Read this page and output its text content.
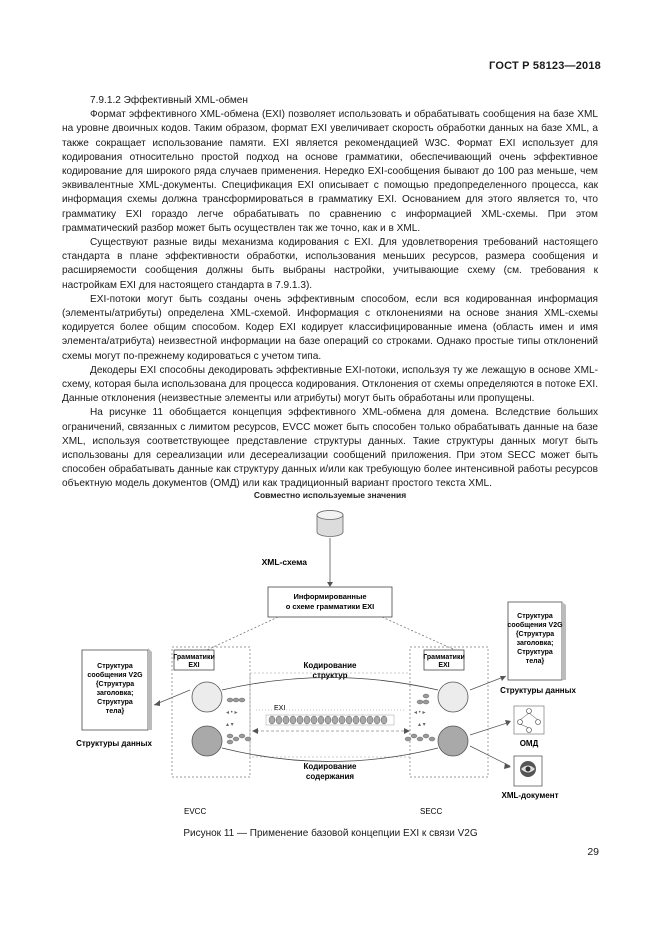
ГОСТ Р 58123—2018

7.9.1.2 Эффективный XML-обмен

Формат эффективного XML-обмена (EXI) позволяет использовать и обрабатывать сообщения на базе XML на уровне двоичных кодов. Таким образом, формат EXI увеличивает скорость обработки данных на базе XML, а также сокращает использование памяти. EXI является рекомендацией W3C. Формат EXI использует для кодирования относительно простой подход на основе грамматики, обеспечивающий очень эффективное кодирование для широкого ряда случаев применения. Нередко EXI-сообщения бывают до 100 раз меньше, чем эквивалентные XML-документы. Спецификация EXI описывает с помощью предопределенного процесса, как информация схемы должна трансформироваться в грамматику EXI. Основанием для этого является то, что грамматику EXI гораздо легче обрабатывать по сравнению с информацией XML-схемы. При этом грамматический разбор может быть осуществлен так же точно, как и в XML.

Существуют разные виды механизма кодирования с EXI. Для удовлетворения требований настоящего стандарта в плане эффективности обработки, использования меньших ресурсов, размера сообщения и расширяемости сообщения должны быть выбраны настройки, учитывающие схему (см. требования к настройкам EXI для настоящего стандарта в 7.9.1.3).

EXI-потоки могут быть созданы очень эффективным способом, если вся кодированная информация (элементы/атрибуты) определена XML-схемой. Информация с отклонениями на основе знания XML-схемы кодируется более общим способом. Кодер EXI кодирует классифицированные имена (область имен и имя элемента/атрибута) неизвестной информации на базе операций со строками. Однако простые типы отклонений схемы могут по-прежнему кодироваться с учетом типа.

Декодеры EXI способны декодировать эффективные EXI-потоки, используя ту же лежащую в основе XML-схему, которая была использована для процесса кодирования. Отклонения от схемы определяются в потоке EXI. Данные отклонения (неизвестные элементы или атрибуты) могут быть обработаны или пропущены.

На рисунке 11 обобщается концепция эффективного XML-обмена для домена. Вследствие больших ограничений, связанных с лимитом ресурсов, EVCC может быть способен только обрабатывать данные на базе XML, используя соответствующее представление структуры данных. Такие структуры данных могут быть использованы для сереализации или десереализации сообщений приложения. При этом SECC может быть способен обрабатывать данные как структуру данных и/или как требующую более интенсивной работы ресурсов объектную модель документов (ОМД) или как традиционный вариант простого текста XML.

Совместно используемые значения
XML-схема
Информированные
о схеме грамматики EXI
Грамматики
EXI
Грамматики
EXI
Кодирование
структур
◂ • ▸	◂ • ▸
▴ ▾	▴ ▾
EXI
Кодирование
содержания
Структура
сообщения V2G
{Структура
заголовка;
Структура
тела}
Структуры данных
Структура
сообщения V2G
{Структура
заголовка;
Структура
тела}
Структуры данных
ОМД
XML-документ
EVCC	SECC
Рисунок 11 — Применение базовой концепции EXI к связи V2G
29
